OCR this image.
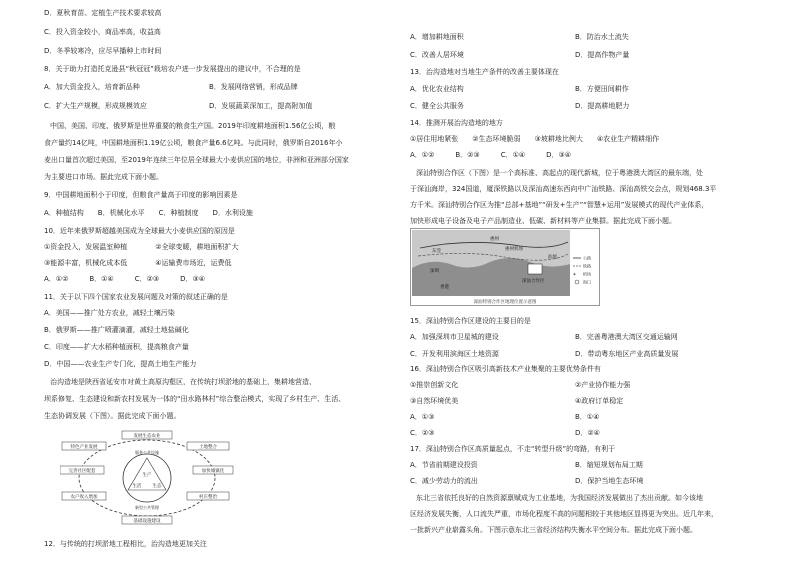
D．夏秋育苗、定植生产技术要求较高
C．投入资金较小，商品率高，收益高
D．冬季较寒冷，应尽早播种上市时间
8．关于助力打造托克逊县“秋冠冠”栽培农户进一步发展提出的建议中，不合理的是
A．加大资金投入，培育新品种	B．发展网络营销，形成品牌
C．扩大生产规模，形成规模效应	D．发展蔬菜深加工，提高附加值
中国、美国、印度、俄罗斯是世界重要的粮食生产国。2019年印度耕地面积1.56亿公顷，粮
食产量约14亿吨，中国耕地面积1.19亿公顷，粮食产量6.6亿吨。与此同时，俄罗斯自2016年小
麦出口量首次超过美国，至2019年连续三年位居全球最大小麦供应国的地位，非洲和亚洲部分国家
为主要进口市场。据此完成下面小题。
9．中国耕地面积小于印度，但粮食产量高于印度的影响因素是
A．种植结构　　B．机械化水平　　C．种植制度　　D．水利设施
10．近年来俄罗斯超越美国成为全球最大小麦供应国的原因是
①资金投入，发展温室种植　　　　②全球变暖，耕地面积扩大
③能源丰富，机械化成本低　　　　④运输费市场近，运费低
A．①②　　　B．①④　　　C．②③　　　D．③④
11．关于以下四个国家农业发展问题及对策的叙述正确的是
A．美国——推广处方农业，减轻土壤污染
B．俄罗斯——推广喷灌滴灌，减轻土地盐碱化
C．印度——扩大水稻种植面积，提高粮食产量
D．中国——农业生产专门化，提高土地生产能力
治沟造地是陕西省延安市对黄土高原沟壑区，在传统打坝淤地的基础上，集耕地营造、
坝系修复、生态建设和新农村发展为一体的“田水路林村”综合整治模式，实现了乡村生产、生活、
生态协调发展（下图）。据此完成下面小题。
发展生态农业
土地整合
加快城镇化
村庄整治
基础设施建设
农户收入增加
完善社区配套
特色产业发展
服务公共设施
新型公共管理
生产
生活 生态
12．与传统的打坝淤地工程相比，治沟造地更加关注
A．增加耕地面积	B．防治水土流失
C．改善人居环境	D．提高作物产量
13．治沟造地对当地生产条件的改善主要体现在
A．优化农业结构	B．方便田间耕作
C．健全公共服务	D．提高耕地肥力
14．推测开展治沟造地的地方
①居住用地紧张　　②生态环境脆弱　　③坡耕地比例大　　④农业生产精耕细作
A．①②　　　B．②③　　　C．①④　　　D．③④
深汕特别合作区（下图）是一个高标准、高起点的现代新城，位于粤港澳大湾区的最东端，处
于深汕海岸，324国道，厦深铁路以及深汕高速东西向中广汕铁路、深汕高铁交会点，规划468.3平
方千米。深汕特别合作区为推“总部+基地”“研发+生产”“智慧+运用”发展模式的现代产业体系，
加快形成电子设备及电子产品制造业、低碳、新材料等产业集群。据此完成下面小题。
深圳
惠州
汕尾
惠州机场
东莞
香港
深汕合作区
公路
铁路
✈ 机场
海口
深汕特别合作区地理位置示意图
15．深汕特别合作区建设的主要目的是
A．加强深圳市卫星城的建设	B．完善粤港澳大湾区交通运输网
C．开发利用滨海区土地资源	D．带动粤东地区产业高质量发展
16．深汕特别合作区吸引高新技术产业集聚的主要优势条件有
①推崇创新文化	②产业协作能力强
③自然环境优美	④政府订单稳定
A．①③	B．①④
C．②③	D．②④
17．深汕特别合作区高质量起点，不走“转型升级”的弯路，有利于
A．节省前期建设投资	B．缩短规划布局工期
C．减少劳动力的流出	D．保护当地生态环境
东北三省依托良好的自然资源禀赋成为工业基地，为我国经济发展做出了杰出贡献。如今该地
区经济发展失衡，人口流失严重，市场化程度不高的问题相较于其他地区显得更为突出。近几年来，
一批新兴产业崭露头角。下图示意东北三省经济结构失衡水平空间分布。据此完成下面小题。
